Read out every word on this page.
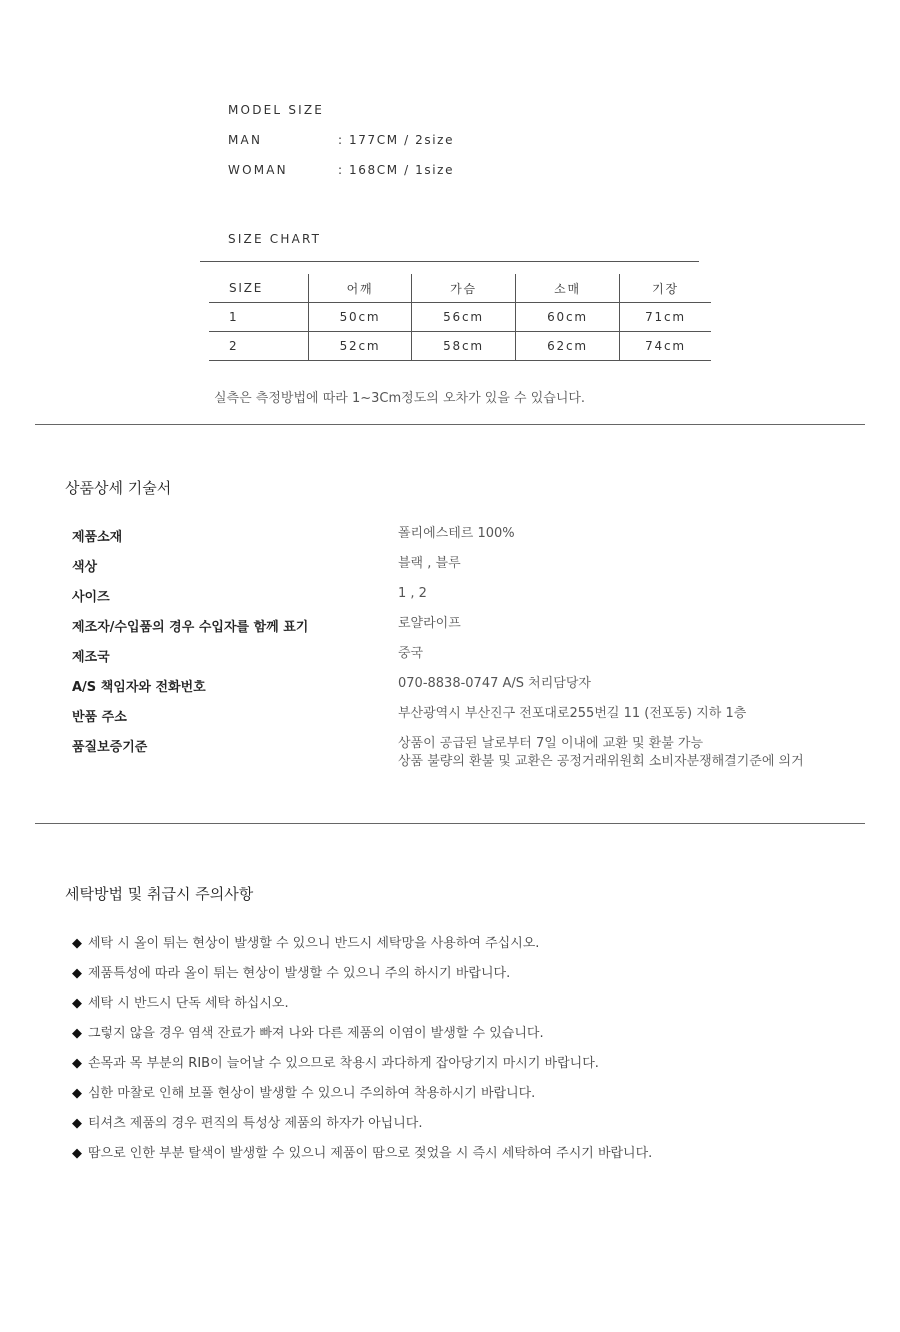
MODEL SIZE
MAN	: 177CM / 2size
WOMAN	: 168CM / 1size
SIZE CHART
SIZE	어깨	가슴	소매	기장
1	50cm	56cm	60cm	71cm
2	52cm	58cm	62cm	74cm
실측은 측정방법에 따라 1~3Cm정도의 오차가 있을 수 있습니다.
상품상세 기술서
제품소재	폴리에스테르 100%
색상	블랙 , 블루
사이즈	1 , 2
제조자/수입품의 경우 수입자를 함께 표기	로얄라이프
제조국	중국
A/S 책임자와 전화번호	070-8838-0747 A/S 처리담당자
반품 주소	부산광역시 부산진구 전포대로255번길 11 (전포동) 지하 1층
품질보증기준	상품이 공급된 날로부터 7일 이내에 교환 및 환불 가능
상품 불량의 환불 및 교환은 공정거래위원회 소비자분쟁해결기준에 의거
세탁방법 및 취급시 주의사항
◆ 세탁 시 올이 튀는 현상이 발생할 수 있으니 반드시 세탁망을 사용하여 주십시오.
◆ 제품특성에 따라 올이 튀는 현상이 발생할 수 있으니 주의 하시기 바랍니다.
◆ 세탁 시 반드시 단독 세탁 하십시오.
◆ 그렇지 않을 경우 염색 잔료가 빠져 나와 다른 제품의 이염이 발생할 수 있습니다.
◆ 손목과 목 부분의 RIB이 늘어날 수 있으므로 착용시 과다하게 잡아당기지 마시기 바랍니다.
◆ 심한 마찰로 인해 보풀 현상이 발생할 수 있으니 주의하여 착용하시기 바랍니다.
◆ 티셔츠 제품의 경우 편직의 특성상 제품의 하자가 아닙니다.
◆ 땀으로 인한 부분 탈색이 발생할 수 있으니 제품이 땀으로 젖었을 시 즉시 세탁하여 주시기 바랍니다.
